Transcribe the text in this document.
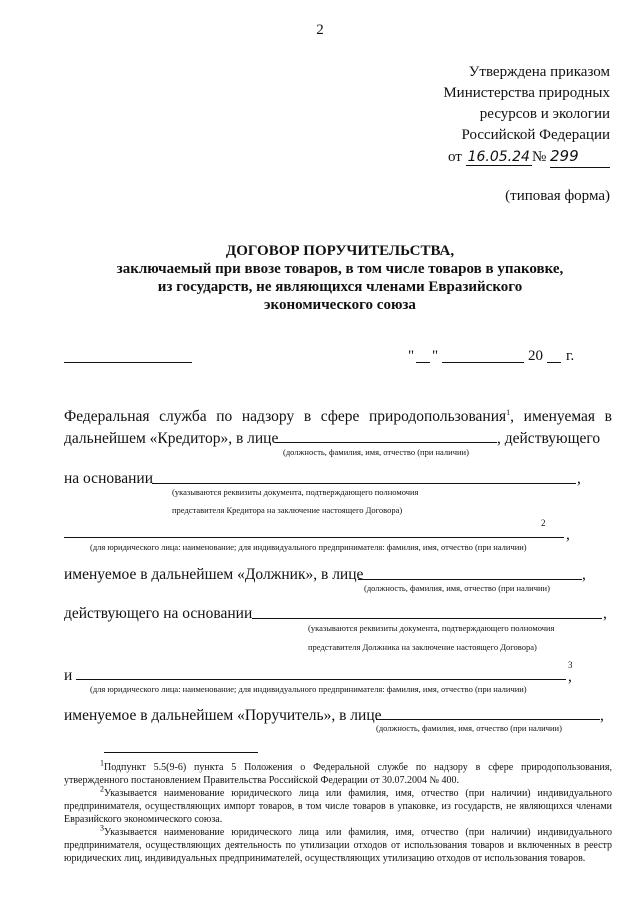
2
Утверждена приказом
Министерства природных
ресурсов и экологии
Российской Федерации
от 16.05.24 № 299
(типовая форма)
ДОГОВОР ПОРУЧИТЕЛЬСТВА,
заключаемый при ввозе товаров, в том числе товаров в упаковке,
из государств, не являющихся членами Евразийского
экономического союза
" "	20 г.
Федеральная служба по надзору в сфере природопользования$^1$, именуемая в
дальнейшем «Кредитор», в лице	, действующего
(должность, фамилия, имя, отчество (при наличии)
на основании	,
(указываются реквизиты документа, подтверждающего полномочия
представителя Кредитора на заключение настоящего Договора)
2
,
(для юридического лица: наименование; для индивидуального предпринимателя: фамилия, имя, отчество (при наличии)
именуемое в дальнейшем «Должник», в лице	,
(должность, фамилия, имя, отчество (при наличии)
действующего на основании	,
(указываются реквизиты документа, подтверждающего полномочия
представителя Должника на заключение настоящего Договора)
и
3
,
(для юридического лица: наименование; для индивидуального предпринимателя: фамилия, имя, отчество (при наличии)
именуемое в дальнейшем «Поручитель», в лице	,
(должность, фамилия, имя, отчество (при наличии)
$^1$Подпункт 5.5(9-6) пункта 5 Положения о Федеральной службе по надзору в сфере природопользования, утвержденного постановлением Правительства Российской Федерации от 30.07.2004 № 400.
$^2$Указывается наименование юридического лица или фамилия, имя, отчество (при наличии) индивидуального предпринимателя, осуществляющих импорт товаров, в том числе товаров в упаковке, из государств, не являющихся членами Евразийского экономического союза.
$^3$Указывается наименование юридического лица или фамилия, имя, отчество (при наличии) индивидуального предпринимателя, осуществляющих деятельность по утилизации отходов от использования товаров и включенных в реестр юридических лиц, индивидуальных предпринимателей, осуществляющих утилизацию отходов от использования товаров.
